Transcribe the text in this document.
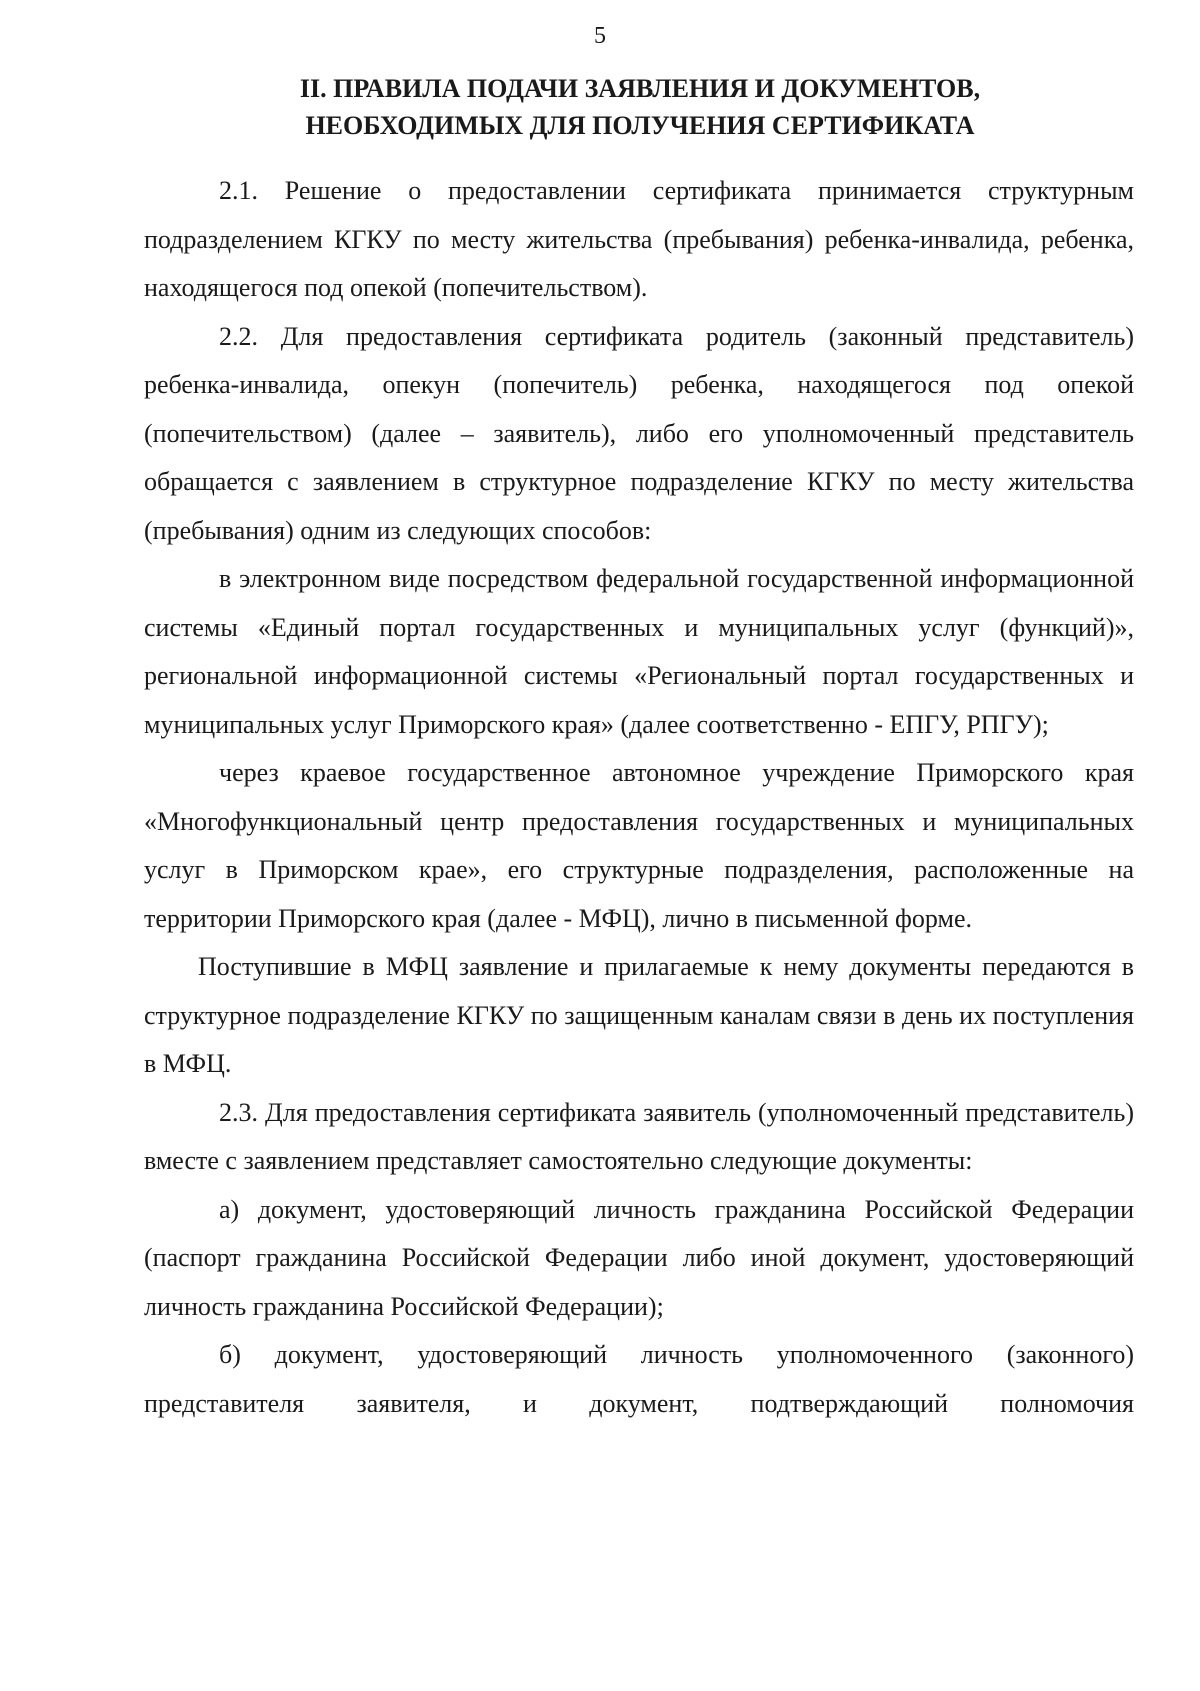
5
II. ПРАВИЛА ПОДАЧИ ЗАЯВЛЕНИЯ И ДОКУМЕНТОВ,
НЕОБХОДИМЫХ ДЛЯ ПОЛУЧЕНИЯ СЕРТИФИКАТА

2.1. Решение о предоставлении сертификата принимается структурным подразделением КГКУ по месту жительства (пребывания) ребенка-инвалида, ребенка, находящегося под опекой (попечительством).

2.2. Для предоставления сертификата родитель (законный представитель) ребенка-инвалида, опекун (попечитель) ребенка, находящегося под опекой (попечительством) (далее – заявитель), либо его уполномоченный представитель обращается с заявлением в структурное подразделение КГКУ по месту жительства (пребывания) одним из следующих способов:

в электронном виде посредством федеральной государственной информационной системы «Единый портал государственных и муниципальных услуг (функций)», региональной информационной системы «Региональный портал государственных и муниципальных услуг Приморского края» (далее соответственно - ЕПГУ, РПГУ);

через краевое государственное автономное учреждение Приморского края «Многофункциональный центр предоставления государственных и муниципальных услуг в Приморском крае», его структурные подразделения, расположенные на территории Приморского края (далее - МФЦ), лично в письменной форме.

Поступившие в МФЦ заявление и прилагаемые к нему документы передаются в структурное подразделение КГКУ по защищенным каналам связи в день их поступления в МФЦ.

2.3. Для предоставления сертификата заявитель (уполномоченный представитель) вместе с заявлением представляет самостоятельно следующие документы:

а) документ, удостоверяющий личность гражданина Российской Федерации (паспорт гражданина Российской Федерации либо иной документ, удостоверяющий личность гражданина Российской Федерации);

б) документ, удостоверяющий личность уполномоченного (законного) представителя заявителя, и документ, подтверждающий полномочия
